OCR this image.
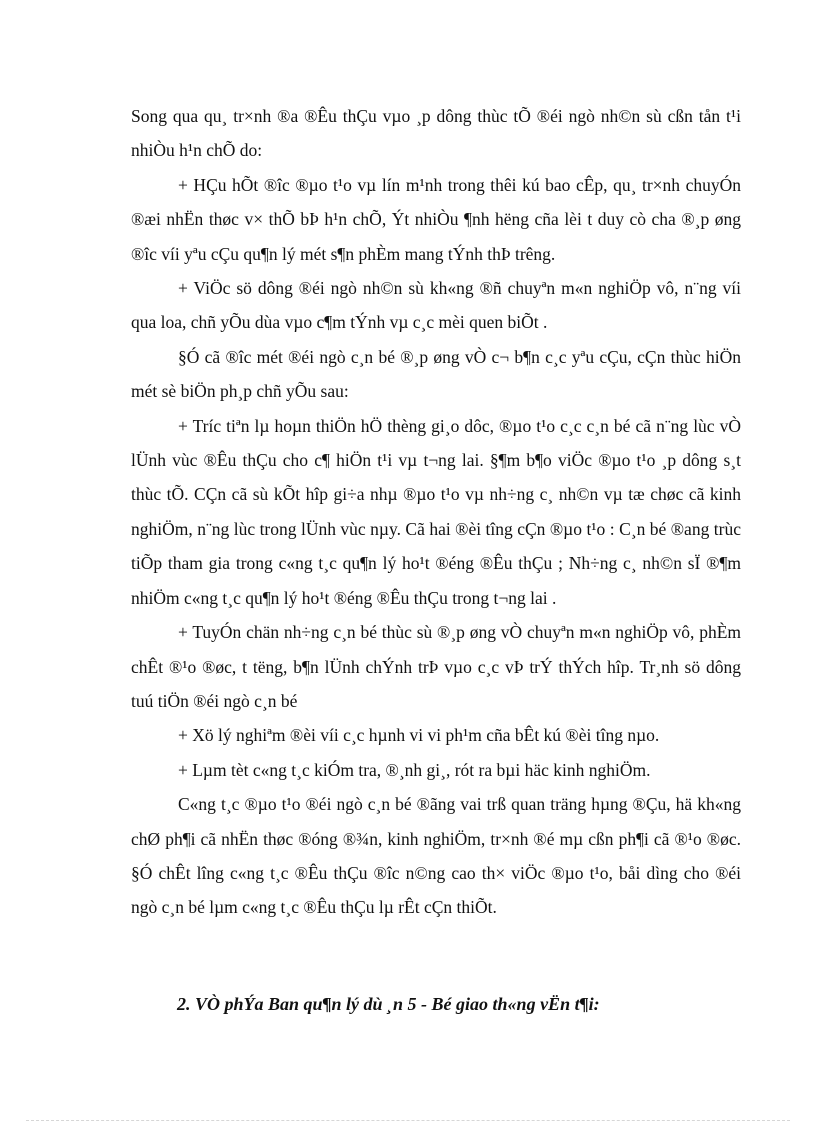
Song qua qu¸ tr×nh ®a ®Êu thÇu vµo ¸p dông thùc tÕ ®éi ngò nh©n sù cßn tån t¹i nhiÒu h¹n chÕ do:

+ HÇu hÕt ®îc ®µo t¹o vµ lín m¹nh trong thêi kú bao cÊp, qu¸ tr×nh chuyÓn ®æi nhËn thøc v× thÕ bÞ h¹n chÕ, Ýt nhiÒu ¶nh hëng cña lèi t duy cò cha ®¸p øng ®îc víi yªu cÇu qu¶n lý mét s¶n phÈm mang tÝnh thÞ trêng.

+ ViÖc sö dông ®éi ngò nh©n sù kh«ng ®ñ chuyªn m«n nghiÖp vô, n¨ng víi qua loa, chñ yÕu dùa vµo c¶m tÝnh vµ c¸c mèi quen biÕt .

§Ó cã ®îc mét ®éi ngò c¸n bé ®¸p øng vÒ c¬ b¶n c¸c yªu cÇu, cÇn thùc hiÖn mét sè biÖn ph¸p chñ yÕu sau:

+ Tríc tiªn lµ hoµn thiÖn hÖ thèng gi¸o dôc, ®µo t¹o c¸c c¸n bé cã n¨ng lùc vÒ lÜnh vùc ®Êu thÇu cho c¶ hiÖn t¹i vµ t¬ng lai. §¶m b¶o viÖc ®µo t¹o ¸p dông s¸t thùc tÕ. CÇn cã sù kÕt hîp gi÷a nhµ ®µo t¹o vµ nh÷ng c¸ nh©n vµ tæ chøc cã kinh nghiÖm, n¨ng lùc trong lÜnh vùc nµy. Cã hai ®èi tîng cÇn ®µo t¹o : C¸n bé ®ang trùc tiÕp tham gia trong c«ng t¸c qu¶n lý ho¹t ®éng ®Êu thÇu ; Nh÷ng c¸ nh©n sÏ ®¶m nhiÖm c«ng t¸c qu¶n lý ho¹t ®éng ®Êu thÇu trong t¬ng lai .

+ TuyÓn chän nh÷ng c¸n bé thùc sù ®¸p øng vÒ chuyªn m«n nghiÖp vô, phÈm chÊt ®¹o ®øc, t tëng, b¶n lÜnh chÝnh trÞ vµo c¸c vÞ trÝ thÝch hîp. Tr¸nh sö dông tuú tiÖn ®éi ngò c¸n bé

+ Xö lý nghiªm ®èi víi c¸c hµnh vi vi ph¹m cña bÊt kú ®èi tîng nµo.

+ Lµm tèt c«ng t¸c kiÓm tra, ®¸nh gi¸, rót ra bµi häc kinh nghiÖm.

C«ng t¸c ®µo t¹o ®éi ngò c¸n bé ®ãng vai trß quan träng hµng ®Çu, hä kh«ng chØ ph¶i cã nhËn thøc ®óng ®¾n, kinh nghiÖm, tr×nh ®é mµ cßn ph¶i cã ®¹o ®øc. §Ó chÊt lîng c«ng t¸c ®Êu thÇu ®îc n©ng cao th× viÖc ®µo t¹o, båi dìng cho ®éi ngò c¸n bé lµm c«ng t¸c ®Êu thÇu lµ rÊt cÇn thiÕt.

2. VÒ phÝa Ban qu¶n lý dù ¸n 5 - Bé giao th«ng vËn t¶i:
